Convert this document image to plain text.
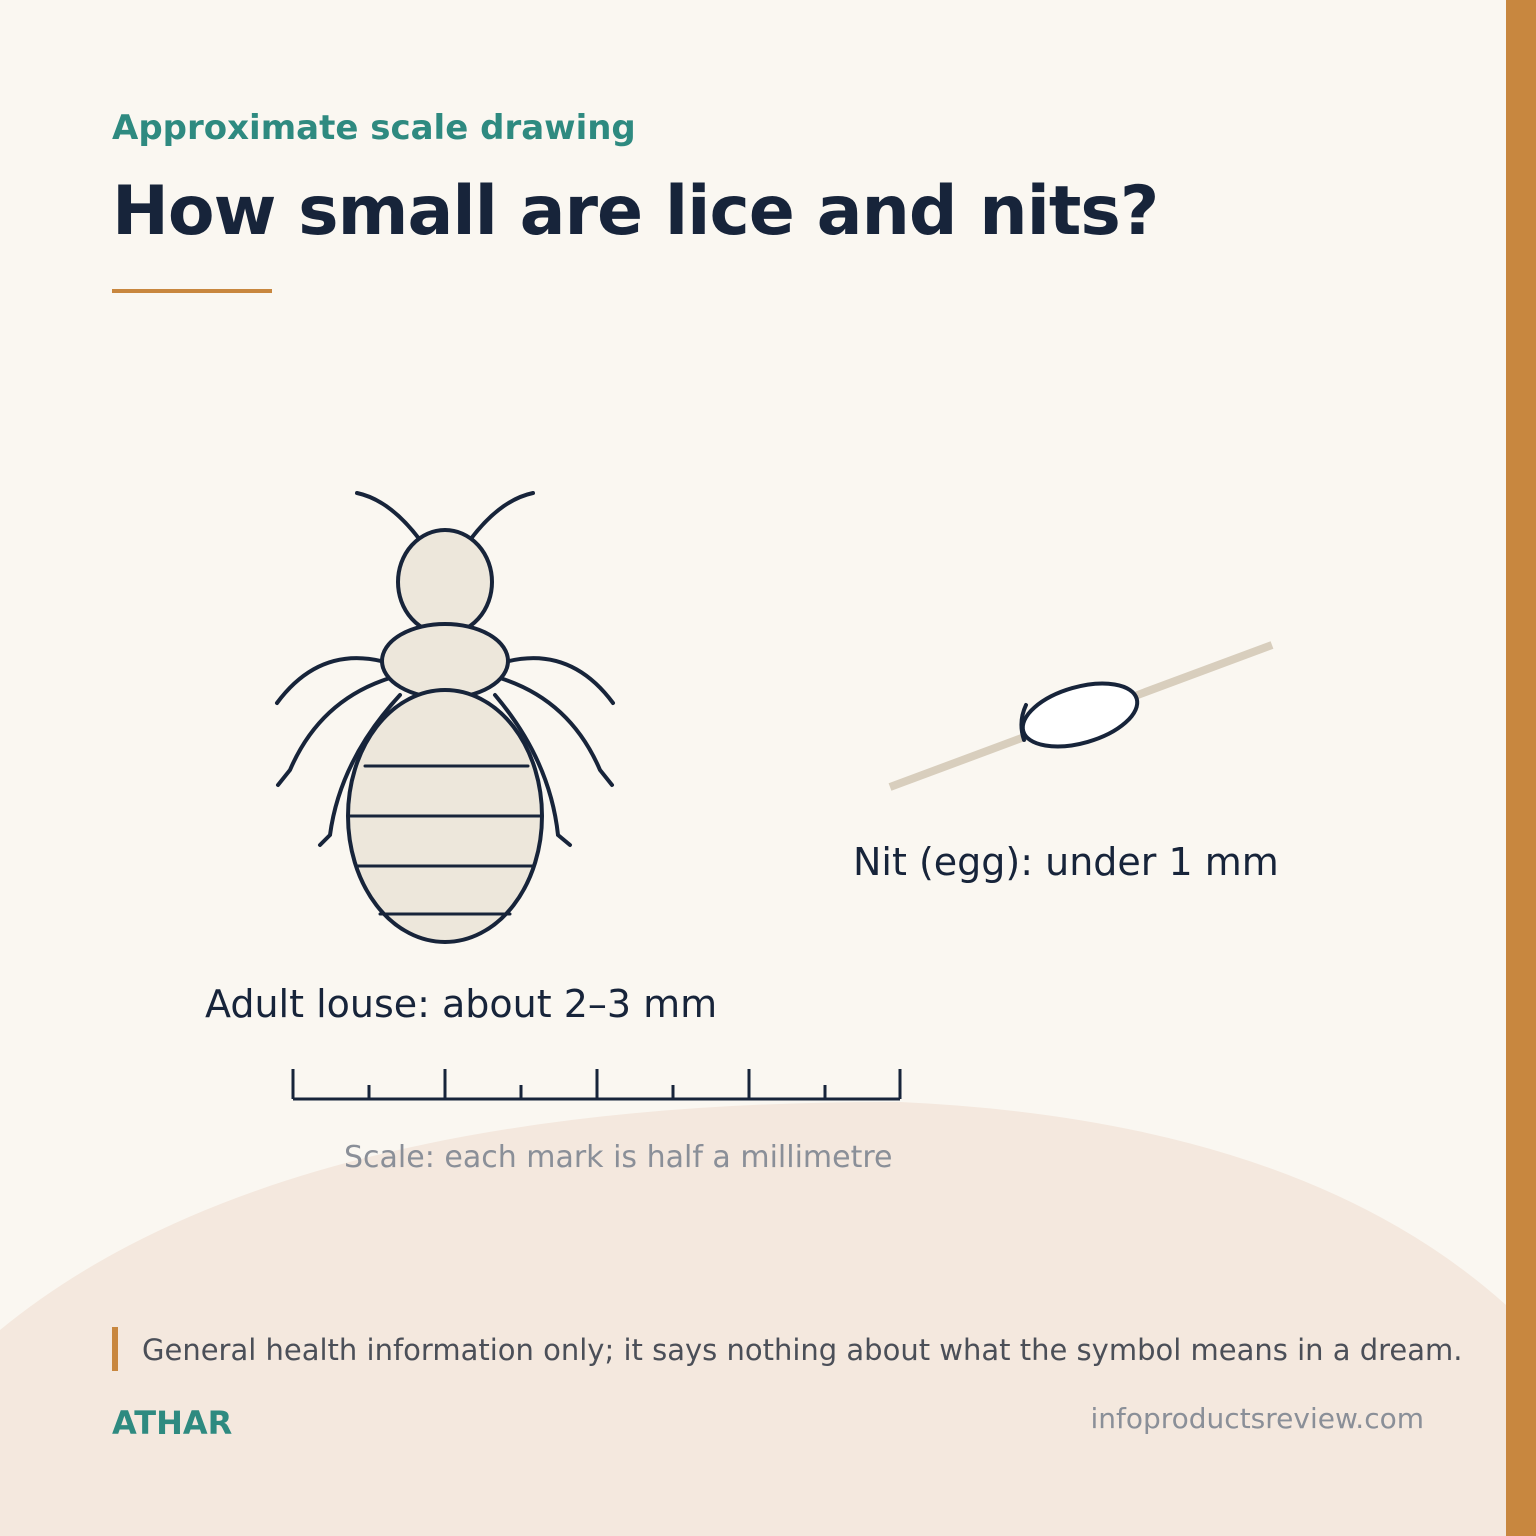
Approximate scale drawing
How small are lice and nits?
Adult louse: about 2–3 mm
Nit (egg): under 1 mm
Scale: each mark is half a millimetre
General health information only; it says nothing about what the symbol means in a dream.
ATHAR	infoproductsreview.com
